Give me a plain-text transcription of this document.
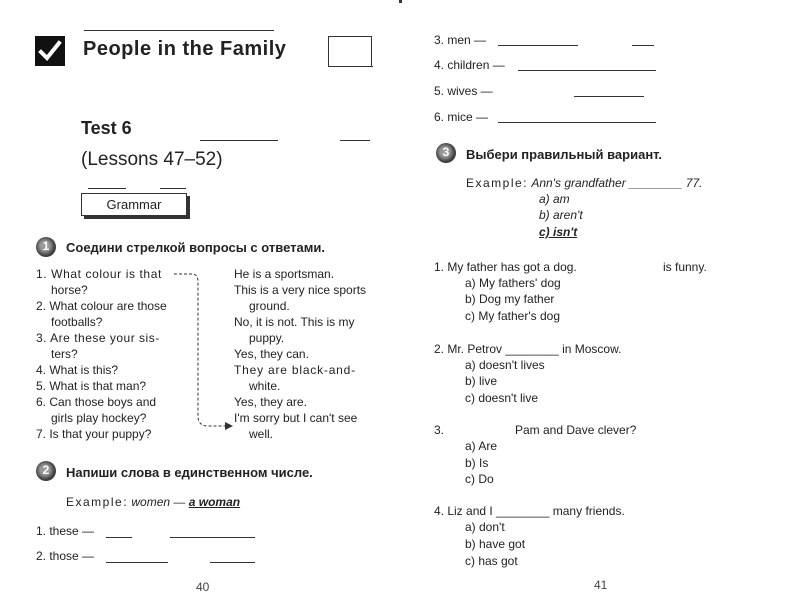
People in the Family
Test 6
(Lessons 47–52)
Grammar
1	Соедини стрелкой вопросы с ответами.
1. What colour is that
horse?
2. What colour are those
footballs?
3. Are these your sis-
ters?
4. What is this?
5. What is that man?
6. Can those boys and
girls play hockey?
7. Is that your puppy?
He is a sportsman.
This is a very nice sports
ground.
No, it is not. This is my
puppy.
Yes, they can.
They are black-and-
white.
Yes, they are.
I'm sorry but I can't see
well.
2	Напиши слова в единственном числе.
Example: women — a woman
1. these —
2. those —
40
3. men —
4. children —
5. wives —
6. mice —
3	Выбери правильный вариант.
Example: Ann's grandfather ________ 77.
a) am
b) aren't
c) isn't
1. My father has got a dog.	is funny.
a) My fathers' dog
b) Dog my father
c) My father's dog
2. Mr. Petrov ________ in Moscow.
a) doesn't lives
b) live
c) doesn't live
3.	Pam and Dave clever?
a) Are
b) Is
c) Do
4. Liz and I ________ many friends.
a) don't
b) have got
c) has got
41
